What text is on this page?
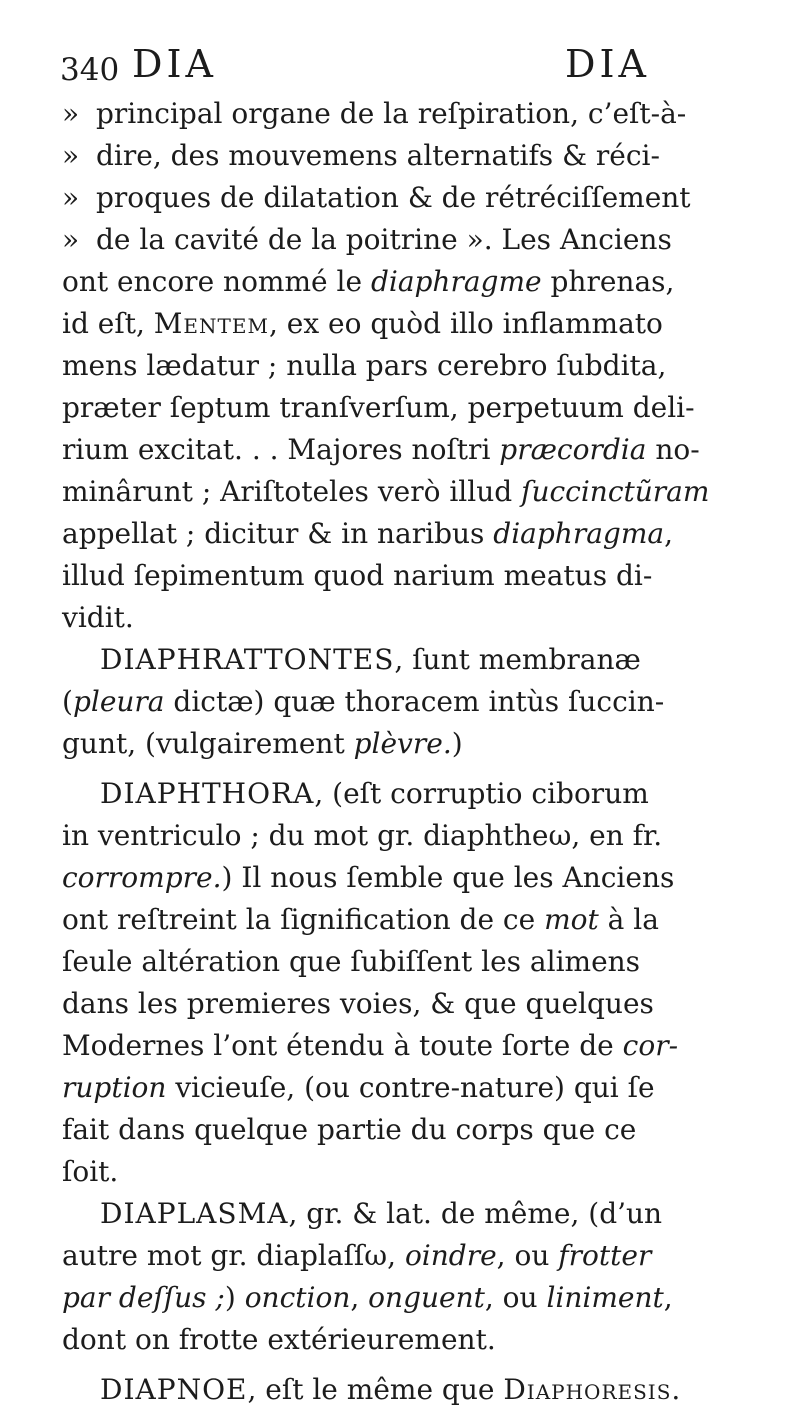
340 DIA	DIA
» principal organe de la reſpiration, c’eſt-à-
» dire, des mouvemens alternatifs & réci-
» proques de dilatation & de rétréciſſement
» de la cavité de la poitrine ». Les Anciens
ont encore nommé le diaphragme phrenas,
id eſt, Mentem, ex eo quòd illo inflammato
mens lædatur ; nulla pars cerebro ſubdita,
præter ſeptum tranſverſum, perpetuum deli-
rium excitat. . . Majores noſtri præcordia no-
minârunt ; Ariſtoteles verò illud ſuccinctũram
appellat ; dicitur & in naribus diaphragma,
illud ſepimentum quod narium meatus di-
vidit.
DIAPHRATTONTES, ſunt membranæ
(pleura dictæ) quæ thoracem intùs ſuccin-
gunt, (vulgairement plèvre.)
DIAPHTHORA, (eſt corruptio ciborum
in ventriculo ; du mot gr. diaphtheω, en fr.
corrompre.) Il nous ſemble que les Anciens
ont reſtreint la ſignification de ce mot à la
ſeule altération que ſubiſſent les alimens
dans les premieres voies, & que quelques
Modernes l’ont étendu à toute ſorte de cor-
ruption vicieuſe, (ou contre-nature) qui ſe
fait dans quelque partie du corps que ce
ſoit.
DIAPLASMA, gr. & lat. de même, (d’un
autre mot gr. diaplaſſω, oindre, ou frotter
par deſſus ;) onction, onguent, ou liniment,
dont on frotte extérieurement.
DIAPNOE, eſt le même que Diaphoresis.
